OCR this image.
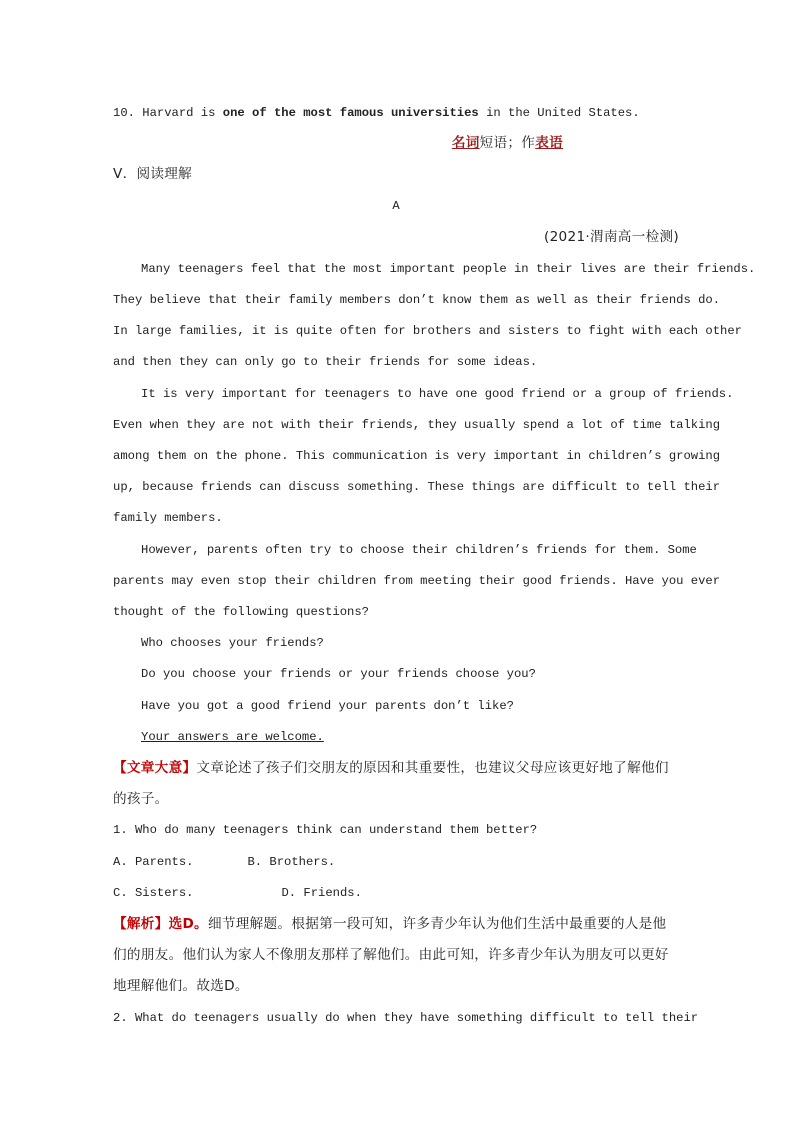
10. Harvard is one of the most famous universities in the United States.
名词短语；作表语
Ⅴ．阅读理解
A
(2021·渭南高一检测)
Many teenagers feel that the most important people in their lives are their friends.
They believe that their family members don’t know them as well as their friends do.
In large families, it is quite often for brothers and sisters to fight with each other
and then they can only go to their friends for some ideas.
It is very important for teenagers to have one good friend or a group of friends.
Even when they are not with their friends, they usually spend a lot of time talking
among them on the phone. This communication is very important in children’s growing
up, because friends can discuss something. These things are difficult to tell their
family members.
However, parents often try to choose their children’s friends for them. Some
parents may even stop their children from meeting their good friends. Have you ever
thought of the following questions?
Who chooses your friends?
Do you choose your friends or your friends choose you?
Have you got a good friend your parents don’t like?
Your answers are welcome.
【文章大意】文章论述了孩子们交朋友的原因和其重要性，也建议父母应该更好地了解他们
的孩子。
1. Who do many teenagers think can understand them better?
A. Parents.	B. Brothers.
C. Sisters.	D. Friends.
【解析】选D。细节理解题。根据第一段可知，许多青少年认为他们生活中最重要的人是他
们的朋友。他们认为家人不像朋友那样了解他们。由此可知，许多青少年认为朋友可以更好
地理解他们。故选D。
2. What do teenagers usually do when they have something difficult to tell their
